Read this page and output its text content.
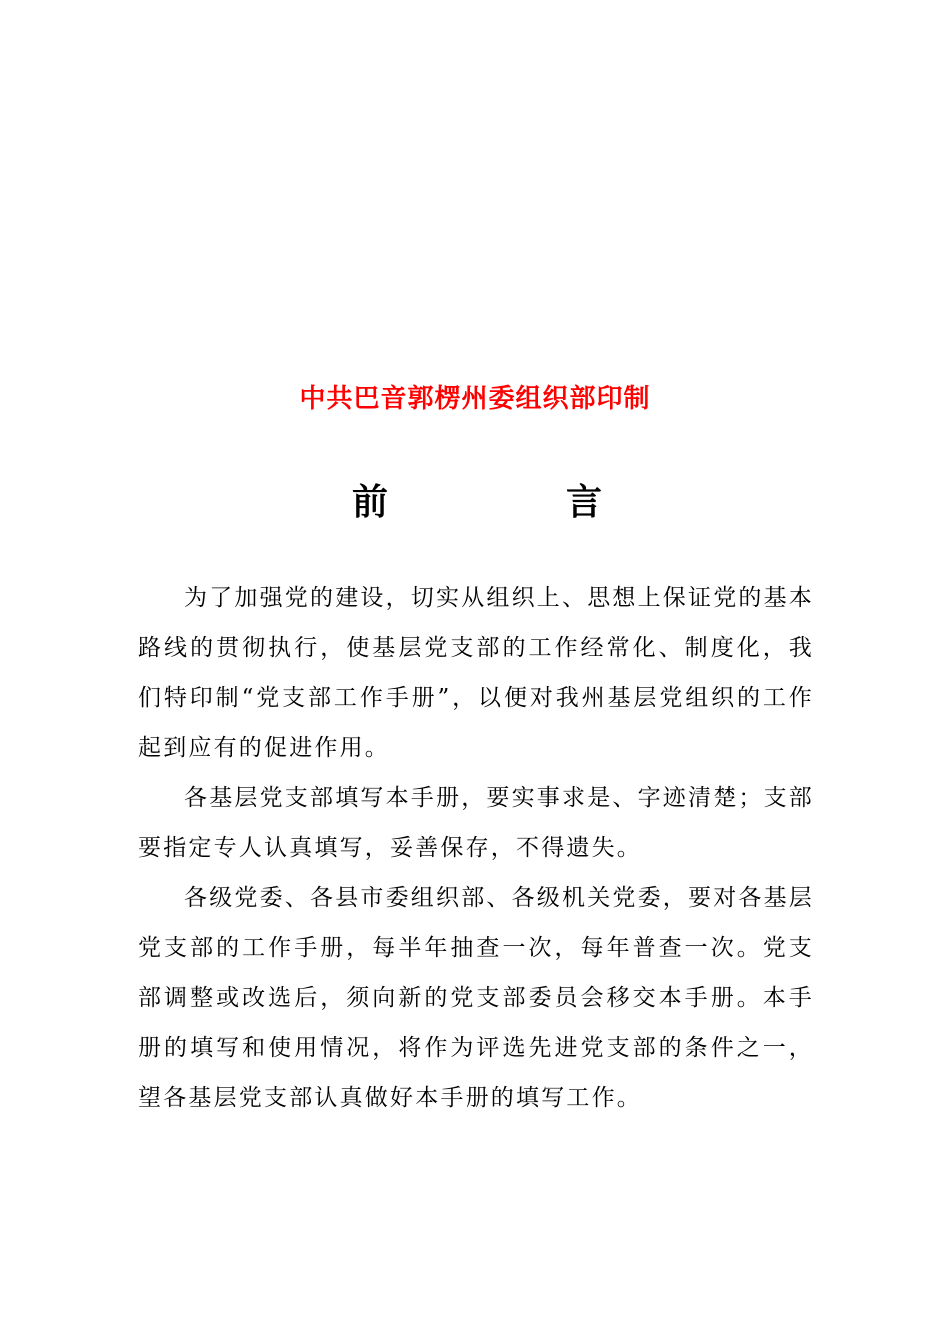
中共巴音郭楞州委组织部印制
前	言

为了加强党的建设，切实从组织上、思想上保证党的基本路线的贯彻执行，使基层党支部的工作经常化、制度化，我们特印制“党支部工作手册”，以便对我州基层党组织的工作起到应有的促进作用。

各基层党支部填写本手册，要实事求是、字迹清楚；支部要指定专人认真填写，妥善保存，不得遗失。

各级党委、各县市委组织部、各级机关党委，要对各基层党支部的工作手册，每半年抽查一次，每年普查一次。党支部调整或改选后，须向新的党支部委员会移交本手册。本手册的填写和使用情况，将作为评选先进党支部的条件之一，望各基层党支部认真做好本手册的填写工作。
